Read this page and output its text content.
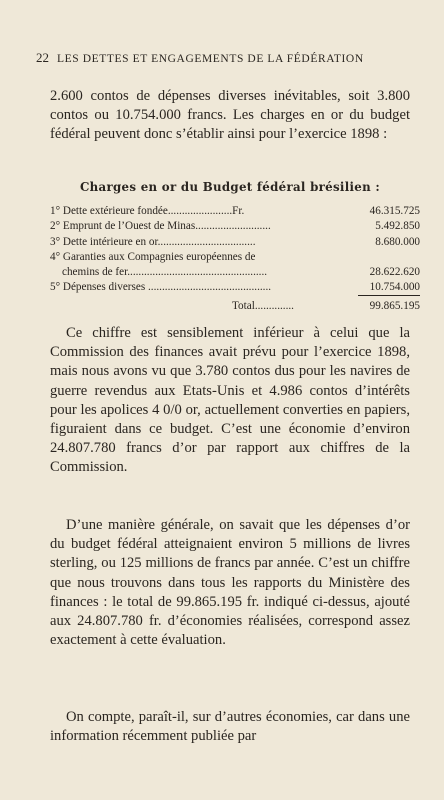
22 LES DETTES ET ENGAGEMENTS DE LA FÉDÉRATION

2.600 contos de dépenses diverses inévitables, soit 3.800 contos ou 10.754.000 francs. Les charges en or du budget fédéral peuvent donc s’établir ainsi pour l’exercice 1898 :

Charges en or du Budget fédéral brésilien :
1° Dette extérieure fondée.......................Fr.	46.315.725
2° Emprunt de l’Ouest de Minas...........................	5.492.850
3° Dette intérieure en or...................................	8.680.000
4° Garanties aux Compagnies européennes de
chemins de fer..................................................	28.622.620
5° Dépenses diverses ............................................	10.754.000
Total..............	99.865.195

Ce chiffre est sensiblement inférieur à celui que la Commission des finances avait prévu pour l’exercice 1898, mais nous avons vu que 3.780 contos dus pour les navires de guerre revendus aux Etats-Unis et 4.986 contos d’intérêts pour les apolices 4 0/0 or, actuellement converties en papiers, figuraient dans ce budget. C’est une économie d’environ 24.807.780 francs d’or par rapport aux chiffres de la Commission.

D’une manière générale, on savait que les dépenses d’or du budget fédéral atteignaient environ 5 millions de livres sterling, ou 125 millions de francs par année. C’est un chiffre que nous trouvons dans tous les rapports du Ministère des finances : le total de 99.865.195 fr. indiqué ci-dessus, ajouté aux 24.807.780 fr. d’économies réalisées, correspond assez exactement à cette évaluation.

On compte, paraît-il, sur d’autres économies, car dans une information récemment publiée par
